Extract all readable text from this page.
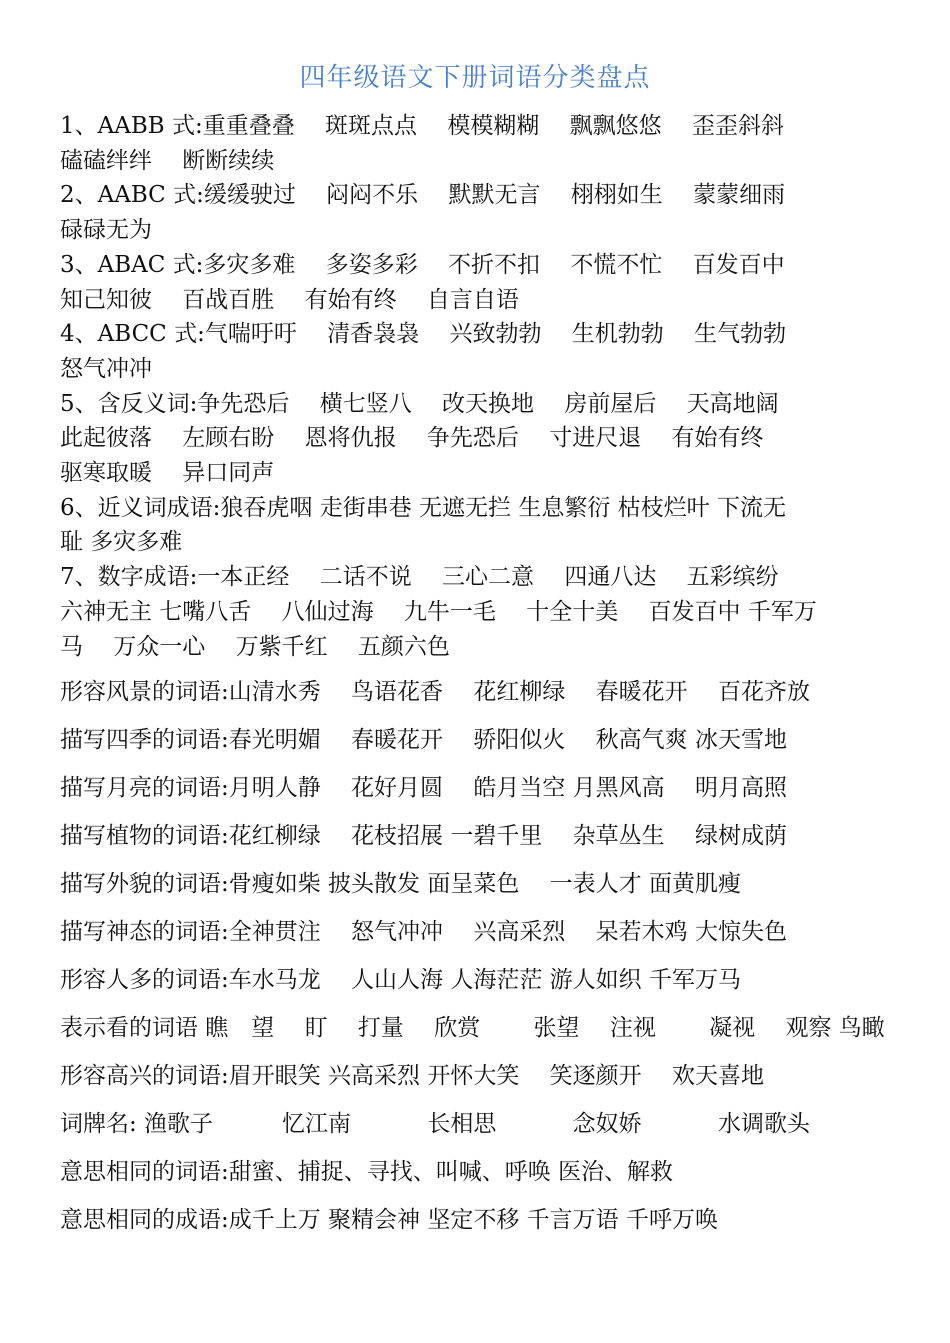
四年级语文下册词语分类盘点
1、AABB 式:重重叠叠　 斑斑点点　 模模糊糊　 飘飘悠悠　 歪歪斜斜
磕磕绊绊　 断断续续
2、AABC 式:缓缓驶过　 闷闷不乐　 默默无言　 栩栩如生　 蒙蒙细雨
碌碌无为
3、ABAC 式:多灾多难　 多姿多彩　 不折不扣　 不慌不忙　 百发百中
知己知彼　 百战百胜　 有始有终　 自言自语
4、ABCC 式:气喘吁吁　 清香袅袅　 兴致勃勃　 生机勃勃　 生气勃勃
怒气冲冲
5、含反义词:争先恐后　 横七竖八　 改天换地　 房前屋后　 天高地阔
此起彼落　 左顾右盼　 恩将仇报　 争先恐后　 寸进尺退　 有始有终
驱寒取暖　 异口同声
6、近义词成语:狼吞虎咽 走街串巷 无遮无拦 生息繁衍 枯枝烂叶 下流无
耻 多灾多难
7、数字成语:一本正经　 二话不说　 三心二意　 四通八达　 五彩缤纷
六神无主 七嘴八舌　 八仙过海　 九牛一毛　 十全十美　 百发百中 千军万
马　 万众一心　 万紫千红　 五颜六色
形容风景的词语:山清水秀　 鸟语花香　 花红柳绿　 春暖花开　 百花齐放
描写四季的词语:春光明媚　 春暖花开　 骄阳似火　 秋高气爽 冰天雪地
描写月亮的词语:月明人静　 花好月圆　 皓月当空 月黑风高　 明月高照
描写植物的词语:花红柳绿　 花枝招展 一碧千里　 杂草丛生　 绿树成荫
描写外貌的词语:骨瘦如柴 披头散发 面呈菜色　 一表人才 面黄肌瘦
描写神态的词语:全神贯注　 怒气冲冲　 兴高采烈　 呆若木鸡 大惊失色
形容人多的词语:车水马龙　 人山人海 人海茫茫 游人如织 千军万马
表示看的词语 瞧　望　 盯　 打量　 欣赏　　 张望　 注视　　 凝视　 观察 鸟瞰
形容高兴的词语:眉开眼笑 兴高采烈 开怀大笑　 笑逐颜开　 欢天喜地
词牌名: 渔歌子　　　忆江南　　　 长相思　　　 念奴娇　　　 水调歌头
意思相同的词语:甜蜜、捕捉、寻找、叫喊、呼唤 医治、解救
意思相同的成语:成千上万 聚精会神 坚定不移 千言万语 千呼万唤
